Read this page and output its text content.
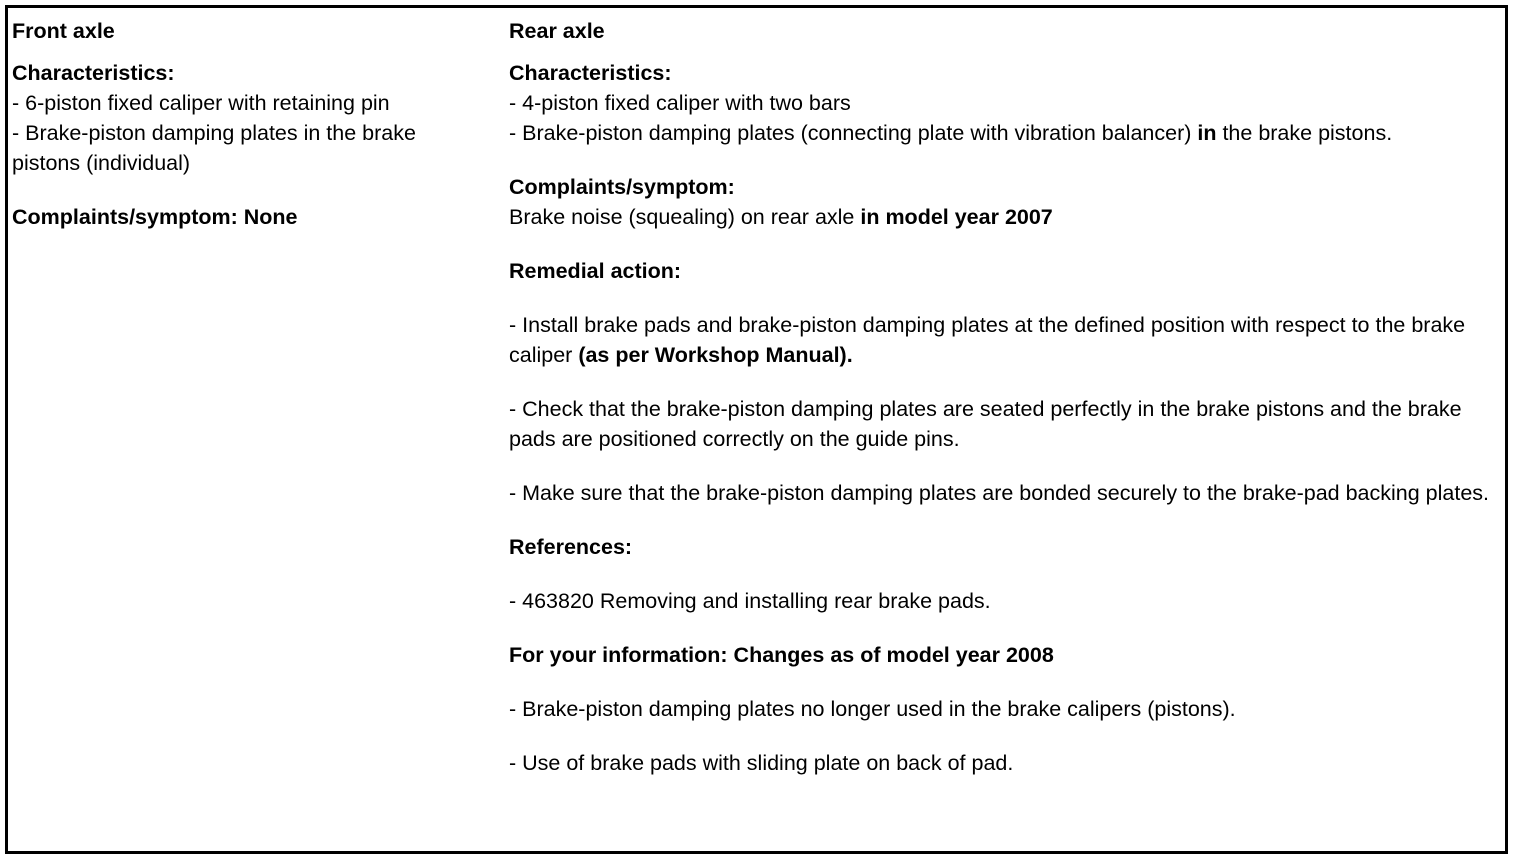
Front axle
Characteristics:
- 6-piston fixed caliper with retaining pin
- Brake-piston damping plates in the brake pistons (individual)
Complaints/symptom: None
Rear axle
Characteristics:
- 4-piston fixed caliper with two bars
- Brake-piston damping plates (connecting plate with vibration balancer) in the brake pistons.
Complaints/symptom:
Brake noise (squealing) on rear axle in model year 2007
Remedial action:
- Install brake pads and brake-piston damping plates at the defined position with respect to the brake caliper (as per Workshop Manual).
- Check that the brake-piston damping plates are seated perfectly in the brake pistons and the brake pads are positioned correctly on the guide pins.
- Make sure that the brake-piston damping plates are bonded securely to the brake-pad backing plates.
References:
- 463820 Removing and installing rear brake pads.
For your information: Changes as of model year 2008
- Brake-piston damping plates no longer used in the brake calipers (pistons).
- Use of brake pads with sliding plate on back of pad.
